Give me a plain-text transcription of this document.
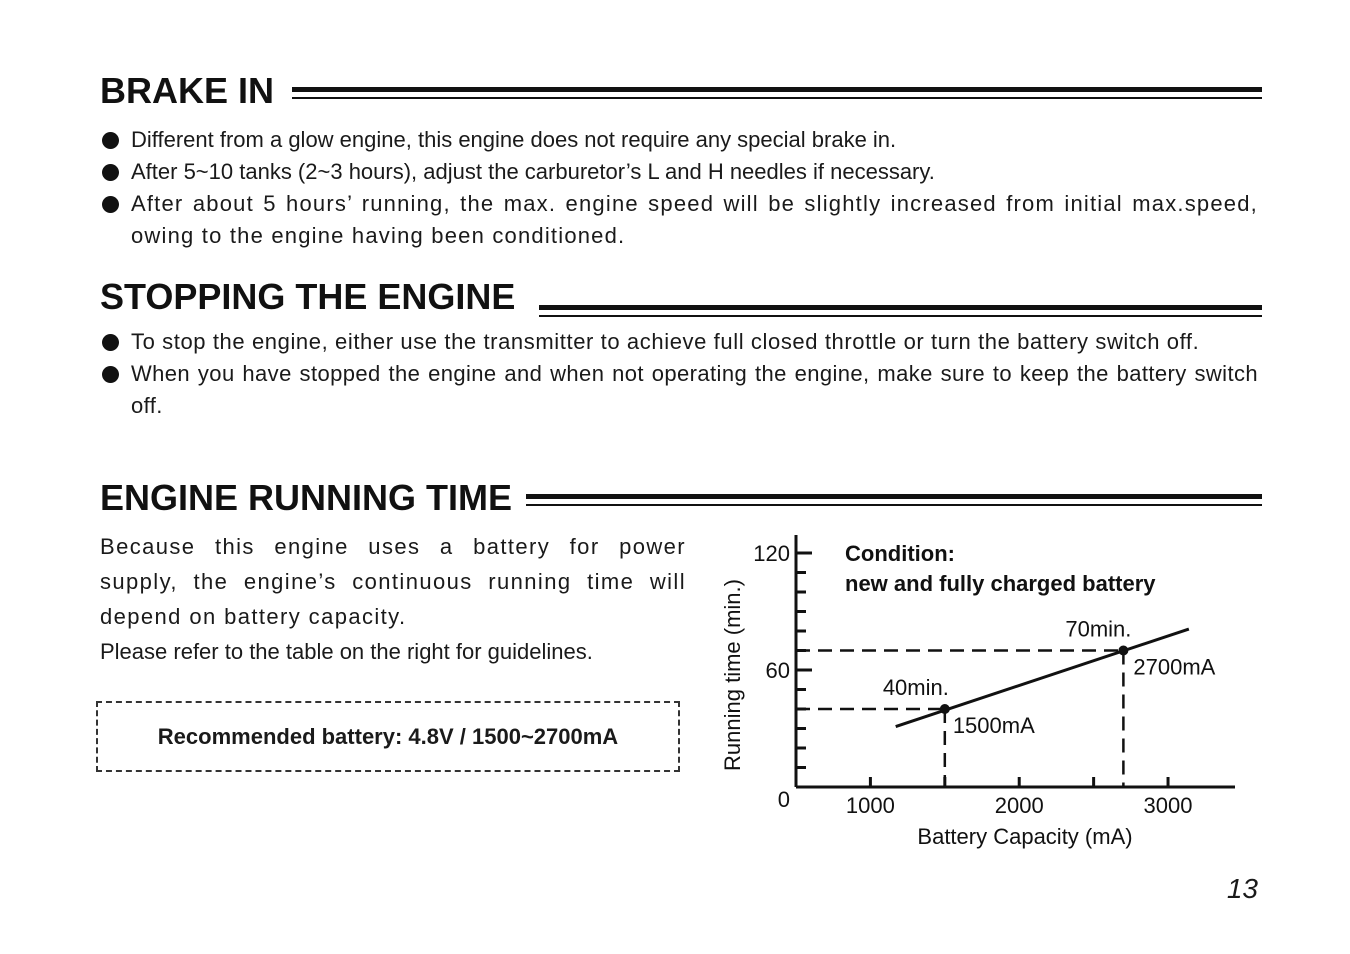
BRAKE IN
Different from a glow engine, this engine does not require any special brake in.
After 5~10 tanks (2~3 hours), adjust the carburetor’s L and H needles if necessary.
After about 5 hours’ running, the max. engine speed will be slightly increased from initial max.speed, owing to the engine having been conditioned.
STOPPING THE ENGINE
To stop the engine, either use the transmitter to achieve full closed throttle or turn the battery switch off.
When you have stopped the engine and when not operating the engine, make sure to keep the battery switch off.
ENGINE RUNNING TIME

Because this engine uses a battery for power supply, the engine’s continuous running time will depend on battery capacity.

Please refer to the table on the right for guidelines.

Recommended battery: 4.8V / 1500~2700mA
120
60
0	1000	2000	3000
40min.
1500mA
70min.
2700mA
Condition:
new and fully charged battery
Battery Capacity (mA)
Running time (min.)
13
